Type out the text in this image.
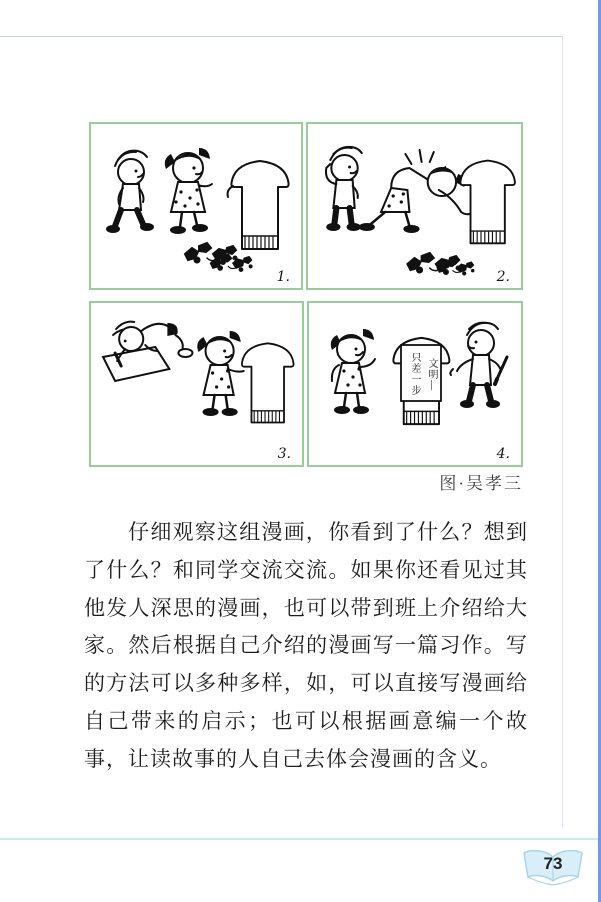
1.	2.
3.
文明—
只差一步
4.
图·吴孝三
仔细观察这组漫画，你看到了什么？想到了什么？和同学交流交流。如果你还看见过其他发人深思的漫画，也可以带到班上介绍给大家。然后根据自己介绍的漫画写一篇习作。写的方法可以多种多样，如，可以直接写漫画给自己带来的启示；也可以根据画意编一个故事，让读故事的人自己去体会漫画的含义。
73
